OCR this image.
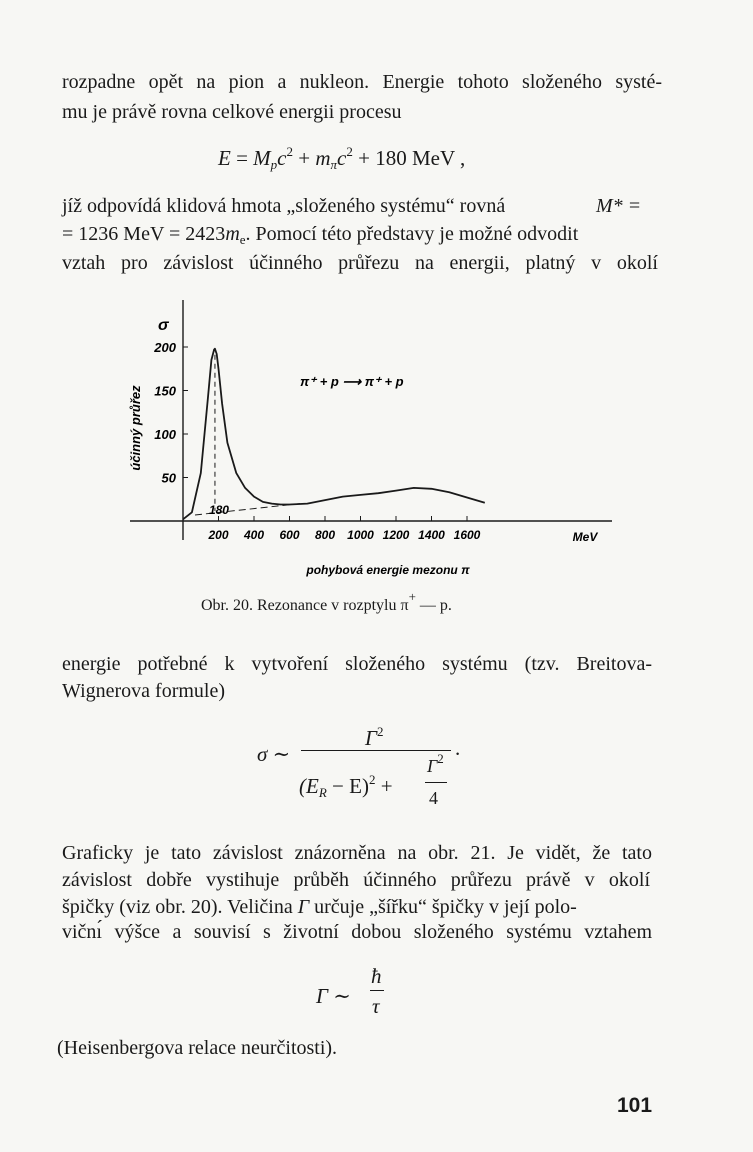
rozpadne opět na pion a nukleon. Energie tohoto složeného systé-
mu je právě rovna celkové energii procesu
$E = M_pc^2 + m_\pi c^2 + 180$ MeV ,
jíž odpovídá klidová hmota „složeného systému“ rovná	M* =
= 1236 MeV = $2423m_e$. Pomocí této představy je možné odvodit
vztah pro závislost účinného průřezu na energii, platný v okolí
50
100
150
200
200 400 600 800 1000 1200 1400 1600	MeV
σ
účinný průřez
pohybová energie mezonu π
π⁺ + p ⟶ π⁺ + p
180
Obr. 20. Rezonance v rozptylu π+ — p.
energie potřebné k vytvoření složeného systému (tzv. Breitova-
Wignerova formule)
σ ∼
$\Gamma^2$
$(E_R - E)^2$ +
$\Gamma^2$
4
.
Graficky je tato závislost znázorněna na obr. 21. Je vidět, že tato
závislost dobře vystihuje průběh účinného průřezu právě v okolí
špičky (viz obr. 20). Veličina Γ určuje „šířku“ špičky v její polo-
vičnı́ výšce a souvisí s životní dobou složeného systému vztahem
Γ ∼
ħ
τ
(Heisenbergova relace neurčitosti).
101
